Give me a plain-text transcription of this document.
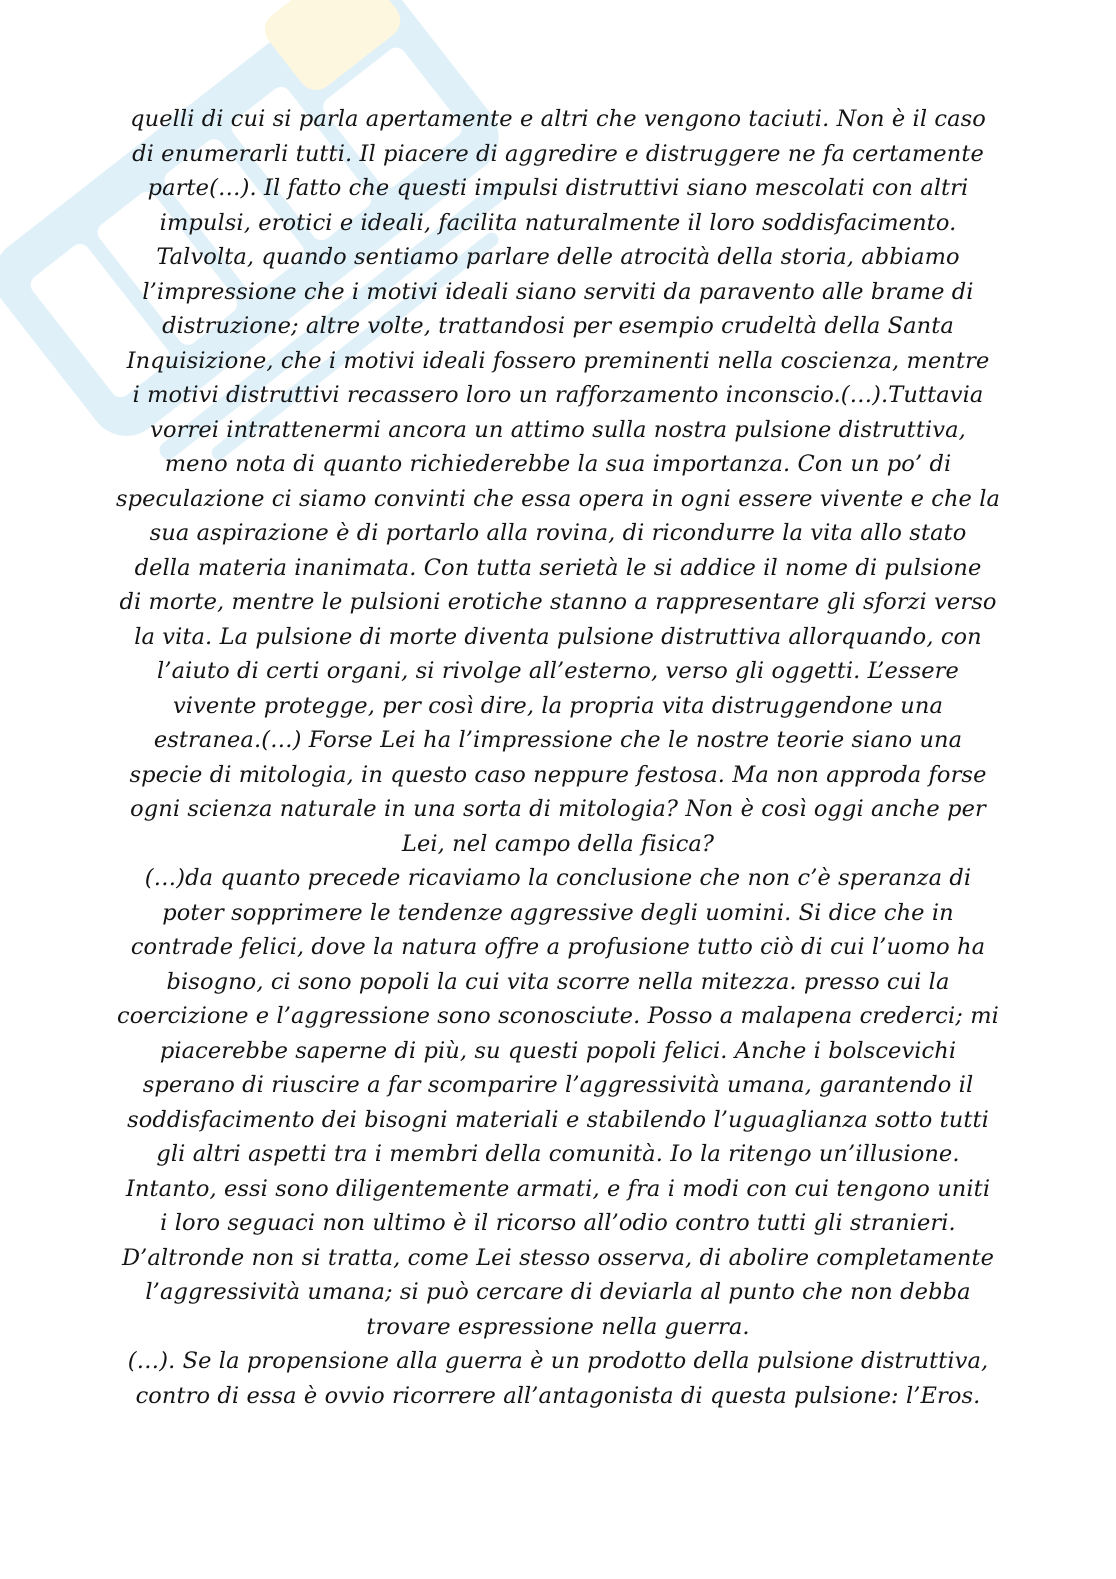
quelli di cui si parla apertamente e altri che vengono taciuti. Non è il caso
di enumerarli tutti. Il piacere di aggredire e distruggere ne fa certamente
parte(…). Il fatto che questi impulsi distruttivi siano mescolati con altri
impulsi, erotici e ideali, facilita naturalmente il loro soddisfacimento.
Talvolta, quando sentiamo parlare delle atrocità della storia, abbiamo
l’impressione che i motivi ideali siano serviti da paravento alle brame di
distruzione; altre volte, trattandosi per esempio crudeltà della Santa
Inquisizione, che i motivi ideali fossero preminenti nella coscienza, mentre
i motivi distruttivi recassero loro un rafforzamento inconscio.(…).Tuttavia
vorrei intrattenermi ancora un attimo sulla nostra pulsione distruttiva,
meno nota di quanto richiederebbe la sua importanza. Con un po’ di
speculazione ci siamo convinti che essa opera in ogni essere vivente e che la
sua aspirazione è di portarlo alla rovina, di ricondurre la vita allo stato
della materia inanimata. Con tutta serietà le si addice il nome di pulsione
di morte, mentre le pulsioni erotiche stanno a rappresentare gli sforzi verso
la vita. La pulsione di morte diventa pulsione distruttiva allorquando, con
l’aiuto di certi organi, si rivolge all’esterno, verso gli oggetti. L’essere
vivente protegge, per così dire, la propria vita distruggendone una
estranea.(…) Forse Lei ha l’impressione che le nostre teorie siano una
specie di mitologia, in questo caso neppure festosa. Ma non approda forse
ogni scienza naturale in una sorta di mitologia? Non è così oggi anche per
Lei, nel campo della fisica?
(…)da quanto precede ricaviamo la conclusione che non c’è speranza di
poter sopprimere le tendenze aggressive degli uomini. Si dice che in
contrade felici, dove la natura offre a profusione tutto ciò di cui l’uomo ha
bisogno, ci sono popoli la cui vita scorre nella mitezza. presso cui la
coercizione e l’aggressione sono sconosciute. Posso a malapena crederci; mi
piacerebbe saperne di più, su questi popoli felici. Anche i bolscevichi
sperano di riuscire a far scomparire l’aggressività umana, garantendo il
soddisfacimento dei bisogni materiali e stabilendo l’uguaglianza sotto tutti
gli altri aspetti tra i membri della comunità. Io la ritengo un’illusione.
Intanto, essi sono diligentemente armati, e fra i modi con cui tengono uniti
i loro seguaci non ultimo è il ricorso all’odio contro tutti gli stranieri.
D’altronde non si tratta, come Lei stesso osserva, di abolire completamente
l’aggressività umana; si può cercare di deviarla al punto che non debba
trovare espressione nella guerra.
(…). Se la propensione alla guerra è un prodotto della pulsione distruttiva,
contro di essa è ovvio ricorrere all’antagonista di questa pulsione: l’Eros.
